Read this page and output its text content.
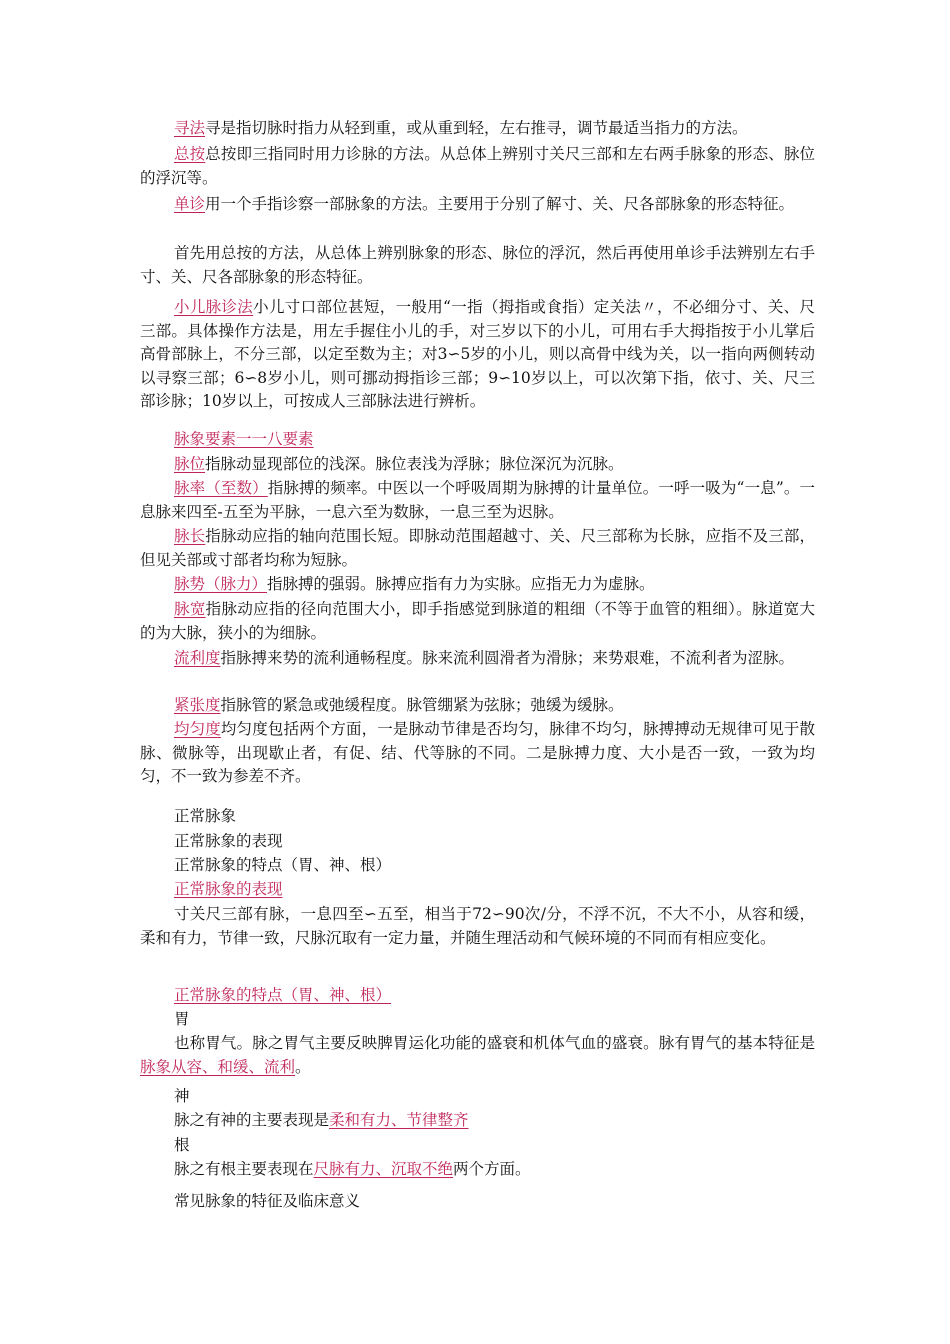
寻法寻是指切脉时指力从轻到重，或从重到轻，左右推寻，调节最适当指力的方法。
总按总按即三指同时用力诊脉的方法。从总体上辨别寸关尺三部和左右两手脉象的形态、脉位的浮沉等。
单诊用一个手指诊察一部脉象的方法。主要用于分别了解寸、关、尺各部脉象的形态特征。
首先用总按的方法，从总体上辨别脉象的形态、脉位的浮沉，然后再使用单诊手法辨别左右手寸、关、尺各部脉象的形态特征。
小儿脉诊法小儿寸口部位甚短，一般用“一指（拇指或食指）定关法〃，不必细分寸、关、尺三部。具体操作方法是，用左手握住小儿的手，对三岁以下的小儿，可用右手大拇指按于小儿掌后高骨部脉上，不分三部，以定至数为主；对3∽5岁的小儿，则以高骨中线为关，以一指向两侧转动以寻察三部；6∽8岁小儿，则可挪动拇指诊三部；9∽10岁以上，可以次第下指，依寸、关、尺三部诊脉；10岁以上，可按成人三部脉法进行辨析。
脉象要素一一八要素
脉位指脉动显现部位的浅深。脉位表浅为浮脉；脉位深沉为沉脉。
脉率（至数）指脉搏的频率。中医以一个呼吸周期为脉搏的计量单位。一呼一吸为“一息”。一息脉来四至-五至为平脉，一息六至为数脉，一息三至为迟脉。
脉长指脉动应指的轴向范围长短。即脉动范围超越寸、关、尺三部称为长脉，应指不及三部，但见关部或寸部者均称为短脉。
脉势（脉力）指脉搏的强弱。脉搏应指有力为实脉。应指无力为虚脉。
脉宽指脉动应指的径向范围大小，即手指感觉到脉道的粗细（不等于血管的粗细）。脉道宽大的为大脉，狭小的为细脉。
流利度指脉搏来势的流利通畅程度。脉来流利圆滑者为滑脉；来势艰难，不流利者为涩脉。
紧张度指脉管的紧急或弛缓程度。脉管绷紧为弦脉；弛缓为缓脉。
均匀度均匀度包括两个方面，一是脉动节律是否均匀，脉律不均匀，脉搏搏动无规律可见于散脉、微脉等，出现歇止者，有促、结、代等脉的不同。二是脉搏力度、大小是否一致，一致为均匀，不一致为参差不齐。
正常脉象
正常脉象的表现
正常脉象的特点（胃、神、根）
正常脉象的表现
寸关尺三部有脉，一息四至∽五至，相当于72∽90次/分，不浮不沉，不大不小，从容和缓，柔和有力，节律一致，尺脉沉取有一定力量，并随生理活动和气候环境的不同而有相应变化。
正常脉象的特点（胃、神、根）
胃
也称胃气。脉之胃气主要反映脾胃运化功能的盛衰和机体气血的盛衰。脉有胃气的基本特征是脉象从容、和缓、流利。
神
脉之有神的主要表现是柔和有力、节律整齐
根
脉之有根主要表现在尺脉有力、沉取不绝两个方面。
常见脉象的特征及临床意义
